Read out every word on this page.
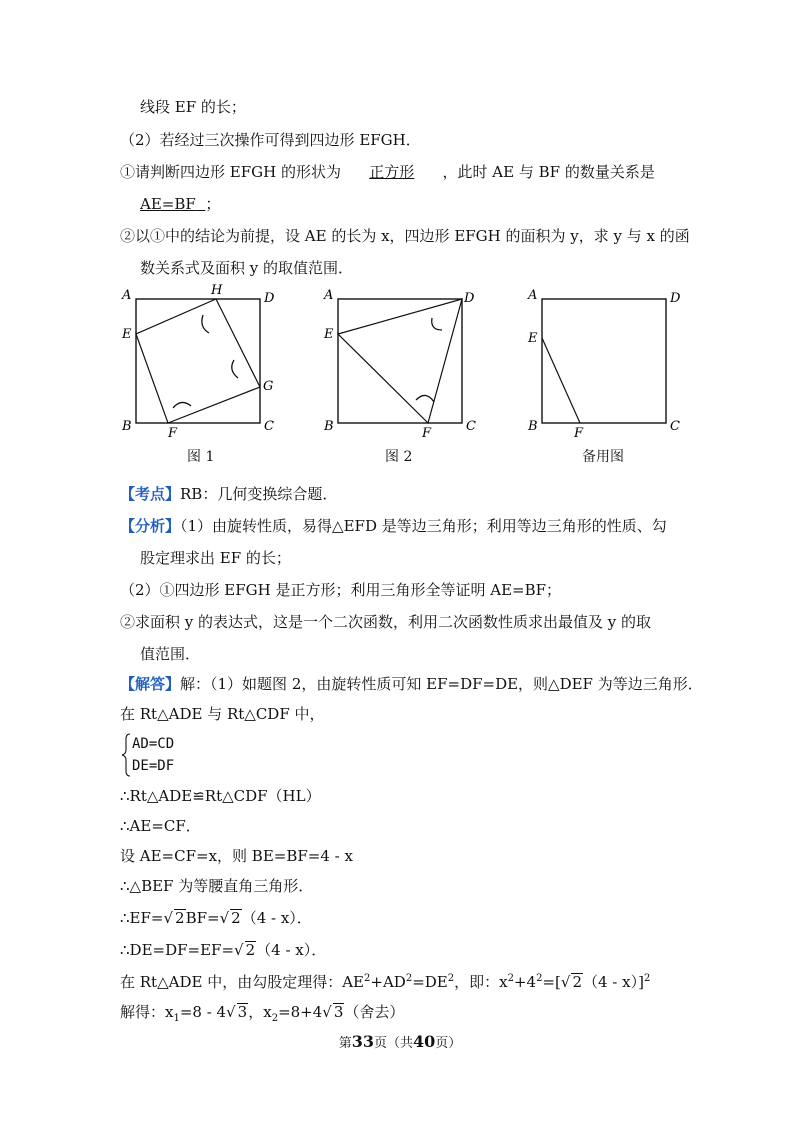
线段 EF 的长；
（2）若经过三次操作可得到四边形 EFGH．
①请判断四边形 EFGH 的形状为 正方形 ，此时 AE 与 BF 的数量关系是
AE=BF ；
②以①中的结论为前提，设 AE 的长为 x，四边形 EFGH 的面积为 y，求 y 与 x 的函
数关系式及面积 y 的取值范围．
A	D
E
H
G
B	F	C
图 1
A	D
E
B	F	C
图 2
A	D
E
B	F	C
备用图
【考点】RB：几何变换综合题．
【分析】（1）由旋转性质，易得△EFD 是等边三角形；利用等边三角形的性质、勾
股定理求出 EF 的长；
（2）①四边形 EFGH 是正方形；利用三角形全等证明 AE=BF；
②求面积 y 的表达式，这是一个二次函数，利用二次函数性质求出最值及 y 的取
值范围．
【解答】解：（1）如题图 2，由旋转性质可知 EF=DF=DE，则△DEF 为等边三角形．
在 Rt△ADE 与 Rt△CDF 中，
AD=CD
DE=DF
∴Rt△ADE≌Rt△CDF（HL）
∴AE=CF．
设 AE=CF=x，则 BE=BF=4 ‑ x
∴△BEF 为等腰直角三角形．
∴EF=√ 2BF=√ 2（4 ‑ x）．
∴DE=DF=EF=√ 2（4 ‑ x）．
在 Rt△ADE 中，由勾股定理得：$AE^2+AD^2=DE^2$，即：$x^2+4^2=[√$ 2（4 ‑ x）]$^2$
解得：$x_1=8$ ‑ 4√ 3，$x_2=8+4√$ 3（舍去）
第33页（共40页）
